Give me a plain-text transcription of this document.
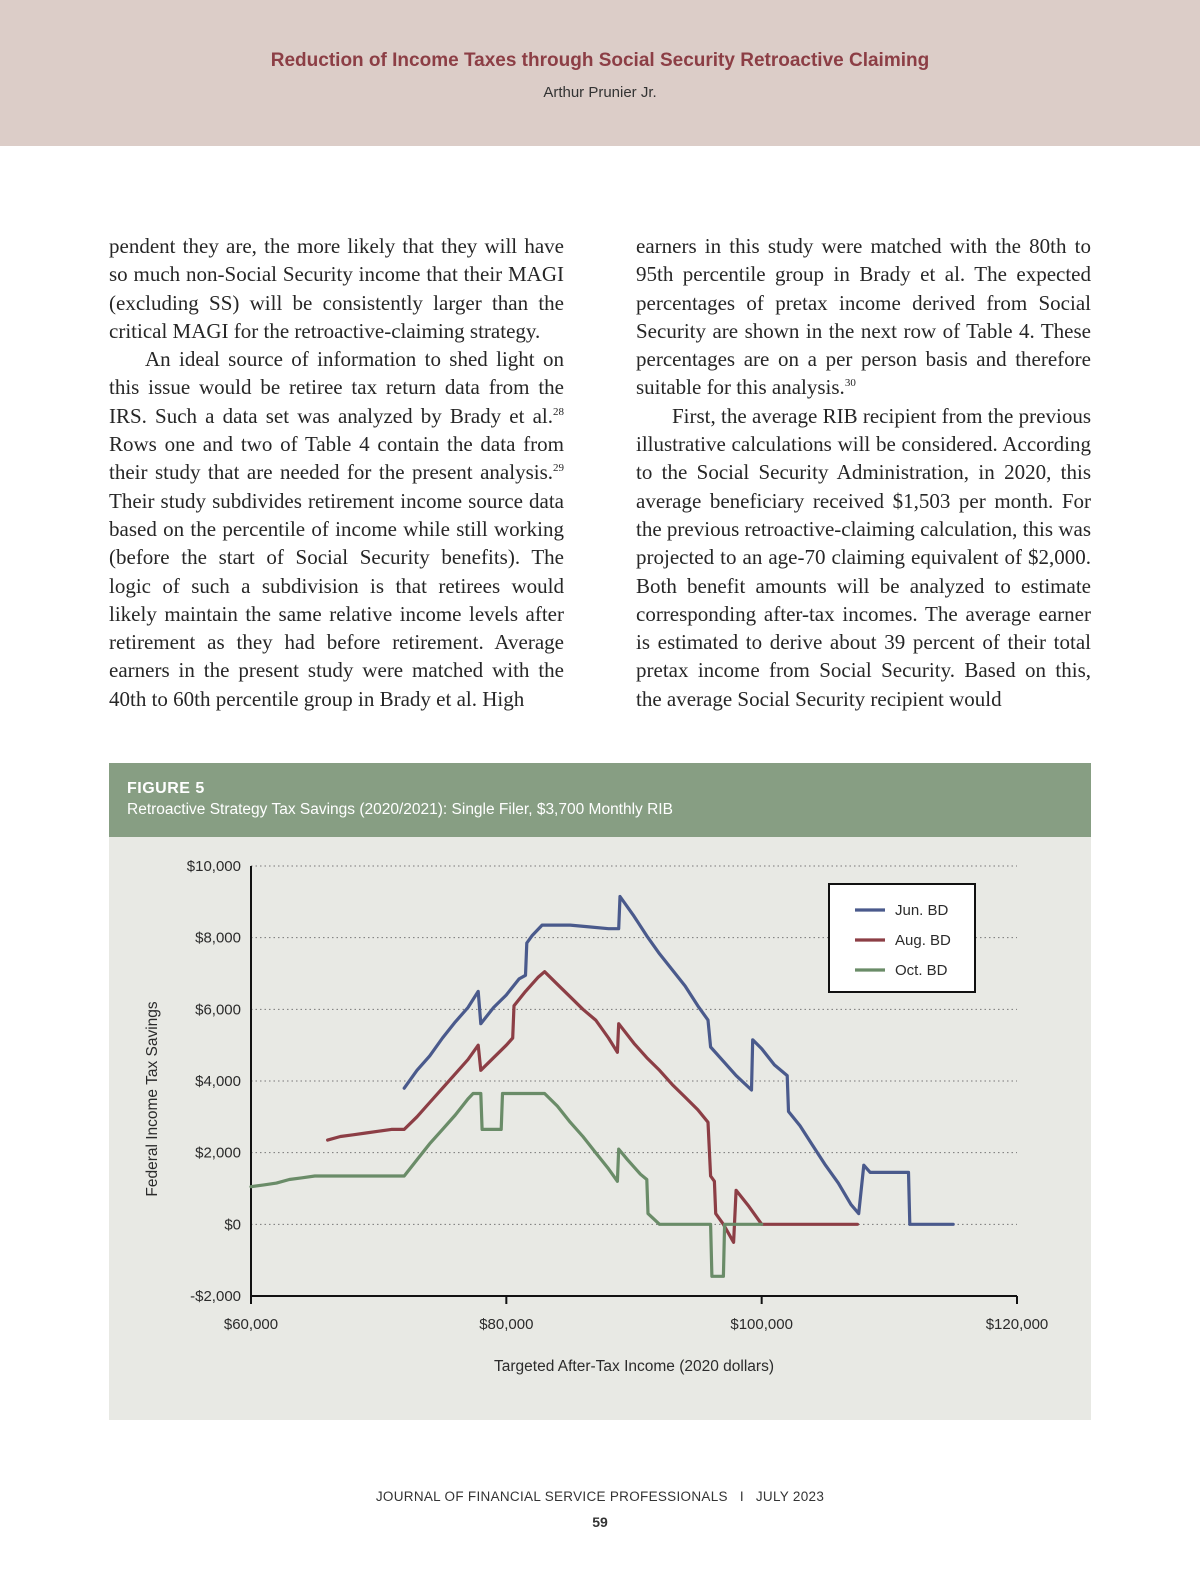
Reduction of Income Taxes through Social Security Retroactive Claiming
Arthur Prunier Jr.

pendent they are, the more likely that they will have so much non-Social Security income that their MAGI (excluding SS) will be consistently larger than the critical MAGI for the retroactive-claiming strategy.

An ideal source of information to shed light on this issue would be retiree tax return data from the IRS. Such a data set was analyzed by Brady et al.$^{28}$ Rows one and two of Table 4 contain the data from their study that are needed for the present analysis.$^{29}$ Their study subdivides retirement income source data based on the percentile of income while still working (before the start of Social Security benefits). The logic of such a subdivision is that retirees would likely maintain the same relative income levels after retirement as they had before retirement. Average earners in the present study were matched with the 40th to 60th percentile group in Brady et al. High

earners in this study were matched with the 80th to 95th percentile group in Brady et al. The expected percentages of pretax income derived from Social Security are shown in the next row of Table 4. These percentages are on a per person basis and therefore suitable for this analysis.$^{30}$

First, the average RIB recipient from the previous illustrative calculations will be considered. According to the Social Security Administration, in 2020, this average beneficiary received $1,503 per month. For the previous retroactive-claiming calculation, this was projected to an age-70 claiming equivalent of $2,000. Both benefit amounts will be analyzed to estimate corresponding after-tax incomes. The average earner is estimated to derive about 39 percent of their total pretax income from Social Security. Based on this, the average Social Security recipient would

FIGURE 5
Retroactive Strategy Tax Savings (2020/2021): Single Filer, $3,700 Monthly RIB
$10,000
$8,000
$6,000
$4,000
$2,000
$0
-$2,000
$60,000	$80,000	$100,000	$120,000
Targeted After-Tax Income (2020 dollars)
Federal Income Tax Savings
Jun. BD
Aug. BD
Oct. BD
JOURNAL OF FINANCIAL SERVICE PROFESSIONALS I JULY 2023
59
